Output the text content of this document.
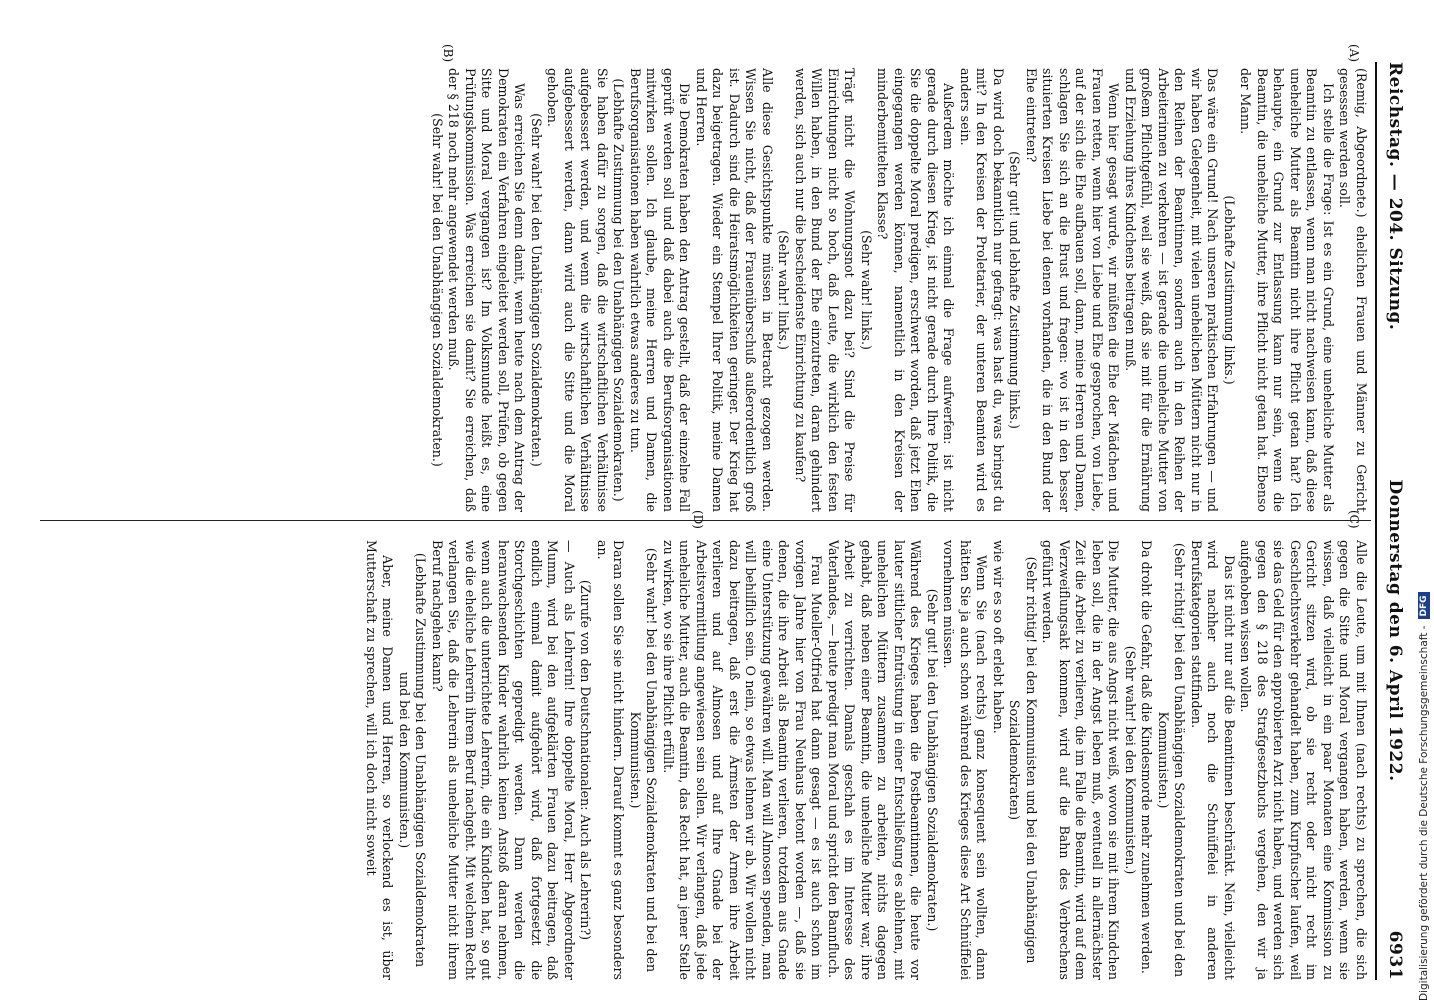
Reichstag. — 204. Sitzung.
Donnerstag den 6. April 1922.
6931
(A)
(B)
(C)
(D)

(Remig, Abgeordnete.) ehelichen Frauen und Männer zu Gericht gesessen werden soll.

Ich stelle die Frage: Ist es ein Grund, eine uneheliche Mutter als Beamtin zu entlassen, wenn man nicht nachweisen kann, daß diese uneheliche Mutter als Beamtin nicht ihre Pflicht getan hat? Ich behaupte, ein Grund zur Entlassung kann nur sein, wenn die Beamtin, die uneheliche Mutter, ihre Pflicht nicht getan hat. Ebenso der Mann.

(Lebhafte Zustimmung links.)

Das wäre ein Grund! Nach unseren praktischen Erfahrungen — und wir haben Gelegenheit, mit vielen unehelichen Müttern nicht nur in den Reihen der Beamtinnen, sondern auch in den Reihen der Arbeiterinnen zu verkehren — ist gerade die uneheliche Mutter von großem Pflichtgefühl, weil sie weiß, daß sie mit für die Ernährung und Erziehung ihres Kindchens beitragen muß.

Wenn hier gesagt wurde, wir müßten die Ehe der Mädchen und Frauen retten, wenn hier von Liebe und Ehe gesprochen, von Liebe, auf der sich die Ehe aufbauen soll, dann, meine Herren und Damen, schlagen Sie sich an die Brust und fragen: wo ist in den besser situierten Kreisen Liebe bei denen vorhanden, die in den Bund der Ehe eintreten?

(Sehr gut! und lebhafte Zustimmung links.)

Da wird doch bekanntlich nur gefragt: was hast du, was bringst du mit? In den Kreisen der Proletarier, der unteren Beamten wird es anders sein.

Außerdem möchte ich einmal die Frage aufwerfen: ist nicht gerade durch diesen Krieg, ist nicht gerade durch Ihre Politik, die Sie die doppelte Moral predigen, erschwert worden, daß jetzt Ehen eingegangen werden können, namentlich in den Kreisen der minderbemittelten Klasse?

(Sehr wahr! links.)

Trägt nicht die Wohnungsnot dazu bei? Sind die Preise für Einrichtungen nicht so hoch, daß Leute, die wirklich den festen Willen haben, in den Bund der Ehe einzutreten, daran gehindert werden, sich auch nur die bescheidenste Einrichtung zu kaufen?

(Sehr wahr! links.)

Alle diese Gesichtspunkte müssen in Betracht gezogen werden. Wissen Sie nicht, daß der Frauenüberschuß außerordentlich groß ist. Dadurch sind die Heiratsmöglichkeiten geringer. Der Krieg hat dazu beigetragen. Wieder ein Stempel Ihrer Politik, meine Damen und Herren.

Die Demokraten haben den Antrag gestellt, daß der einzelne Fall geprüft werden soll und daß dabei auch die Berufsorganisationen mitwirken sollen. Ich glaube, meine Herren und Damen, die Berufsorganisationen haben wahrlich etwas anderes zu tun.

(Lebhafte Zustimmung bei den Unabhängigen Sozialdemokraten.)

Sie haben dafür zu sorgen, daß die wirtschaftlichen Verhältnisse aufgebessert werden, und wenn die wirtschaftlichen Verhältnisse aufgebessert werden, dann wird auch die Sitte und die Moral gehoben.

(Sehr wahr! bei den Unabhängigen Sozialdemokraten.)

Was erreichen Sie denn damit, wenn heute nach dem Antrag der Demokraten ein Verfahren eingeleitet werden soll, Prüfen, ob gegen Sitte und Moral vergangen ist? Im Volksmunde heißt es, eine Prüfungskommission. Was erreichen sie damit? Sie erreichen, daß der § 218 noch mehr angewendet werden muß.

(Sehr wahr! bei den Unabhängigen Sozialdemokraten.)

Alle die Leute, um mit Ihnen (nach rechts) zu sprechen, die sich gegen die Sitte und Moral vergangen haben, werden, wenn sie wissen, daß vielleicht in ein paar Monaten eine Kommission zu Gericht sitzen wird, ob sie recht oder nicht recht im Geschlechtsverkehr gehandelt haben, zum Kurpfuscher laufen, weil sie das Geld für den approbierten Arzt nicht haben, und werden sich gegen den § 218 des Strafgesetzbuchs vergehen, den wir ja aufgehoben wissen wollen.

Das ist nicht nur auf die Beamtinnen beschränkt. Nein, vielleicht wird nachher auch noch die Schnüffelei in anderen Berufskategorien stattfinden.

(Sehr richtig! bei den Unabhängigen Sozialdemokraten und bei den Kommunisten.)

Da droht die Gefahr, daß die Kindesmorde mehr zunehmen werden.

(Sehr wahr! bei den Kommunisten.)

Die Mutter, die aus Angst nicht weiß, wovon sie mit ihrem Kindchen leben soll, die in der Angst leben muß, eventuell in allernächster Zeit die Arbeit zu verlieren, die im Falle die Beamtin, wird auf dem Verzweiflungsakt kommen, wird auf die Bahn des Verbrechens geführt werden.

(Sehr richtig! bei den Kommunisten und bei den Unabhängigen Sozialdemokraten)

wie wir es so oft erlebt haben.

Wenn Sie (nach rechts) ganz konsequent sein wollten, dann hätten Sie ja auch schon während des Krieges diese Art Schnüffelei vornehmen müssen.

(Sehr gut! bei den Unabhängigen Sozialdemokraten.)

Während des Krieges haben die Postbeamtinnen, die heute vor lauter sittlicher Entrüstung in einer Entschließung es ablehnen, mit unehelichen Müttern zusammen zu arbeiten, nichts dagegen gehabt, daß neben einer Beamtin, die uneheliche Mutter war, ihre Arbeit zu verrichten. Damals geschah es im Interesse des Vaterlandes, — heute predigt man Moral und spricht den Bannfluch.

Frau Mueller-Otfried hat dann gesagt — es ist auch schon im vorigen Jahre hier von Frau Neuhaus betont worden —, daß sie denen, die ihre Arbeit als Beamtin verlieren, trotzdem aus Gnade eine Unterstützung gewähren will. Man will Almosen spenden, man will behilflich sein. O nein, so etwas lehnen wir ab. Wir wollen nicht dazu beitragen, daß erst die Ärmsten der Armen ihre Arbeit verlieren und auf Almosen und auf Ihre Gnade bei der Arbeitsvermittlung angewiesen sein sollen. Wir verlangen, daß jede uneheliche Mutter, auch die Beamtin, das Recht hat, an jener Stelle zu wirken, wo sie ihre Pflicht erfüllt.

(Sehr wahr! bei den Unabhängigen Sozialdemokraten und bei den Kommunisten.)

Daran sollen Sie sie nicht hindern. Darauf kommt es ganz besonders an.

(Zurufe von den Deutschnationalen: Auch als Lehrerin?)

— Auch als Lehrerin! Ihre doppelte Moral, Herr Abgeordneter Mumm, wird bei den aufgeklärten Frauen dazu beitragen, daß endlich einmal damit aufgehört wird, daß fortgesetzt die Storchgeschichten gepredigt werden. Dann werden die heranwachsenden Kinder wahrlich keinen Anstoß daran nehmen, wenn auch die unterrichtete Lehrerin, die ein Kindchen hat, so gut wie die eheliche Lehrerin ihrem Beruf nachgeht. Mit welchem Recht verlangen Sie, daß die Lehrerin als uneheliche Mutter nicht ihrem Beruf nachgehen kann?

(Lebhafte Zustimmung bei den Unabhängigen Sozialdemokraten und bei den Kommunisten.)

Aber, meine Damen und Herren, so verlockend es ist, über Mutterschaft zu sprechen, will ich doch nicht soweit	Digitalisierung gefördert durch die Deutsche Forschungsgemeinschaft -
DFG
